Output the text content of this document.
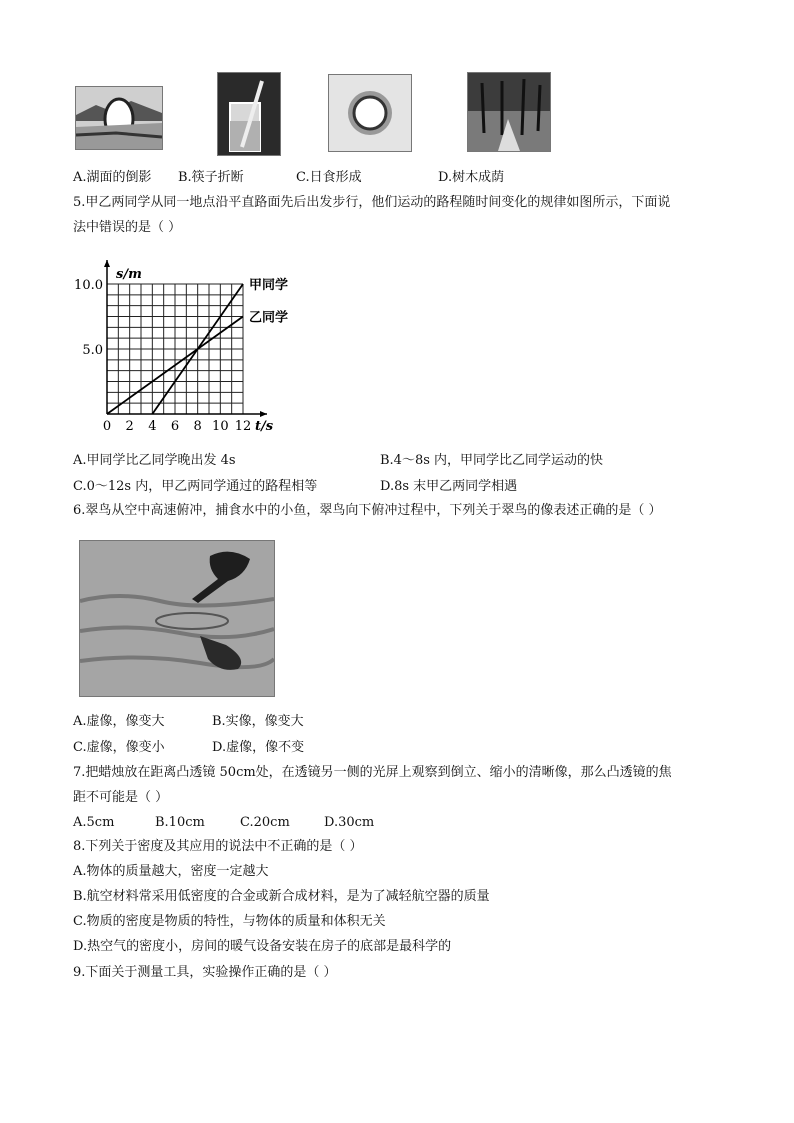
A.湖面的倒影 B.筷子折断	C.日食形成	D.树木成荫
5.甲乙两同学从同一地点沿平直路面先后出发步行，他们运动的路程随时间变化的规律如图所示，下面说
法中错误的是（ ）
s/m
t/s
0 2 4 6 8 10 12
5.0
10.0	甲同学
乙同学
A.甲同学比乙同学晚出发 4s	B.4～8s 内，甲同学比乙同学运动的快
C.0～12s 内，甲乙两同学通过的路程相等	D.8s 末甲乙两同学相遇
6.翠鸟从空中高速俯冲，捕食水中的小鱼，翠鸟向下俯冲过程中，下列关于翠鸟的像表述正确的是（ ）
A.虚像，像变大	B.实像，像变大
C.虚像，像变小	D.虚像，像不变
7.把蜡烛放在距离凸透镜 50cm处，在透镜另一侧的光屏上观察到倒立、缩小的清晰像，那么凸透镜的焦
距不可能是（ ）
A.5cm	B.10cm	C.20cm	D.30cm
8.下列关于密度及其应用的说法中不正确的是（ ）
A.物体的质量越大，密度一定越大
B.航空材料常采用低密度的合金或新合成材料，是为了减轻航空器的质量
C.物质的密度是物质的特性，与物体的质量和体积无关
D.热空气的密度小，房间的暖气设备安装在房子的底部是最科学的
9.下面关于测量工具，实验操作正确的是（ ）
